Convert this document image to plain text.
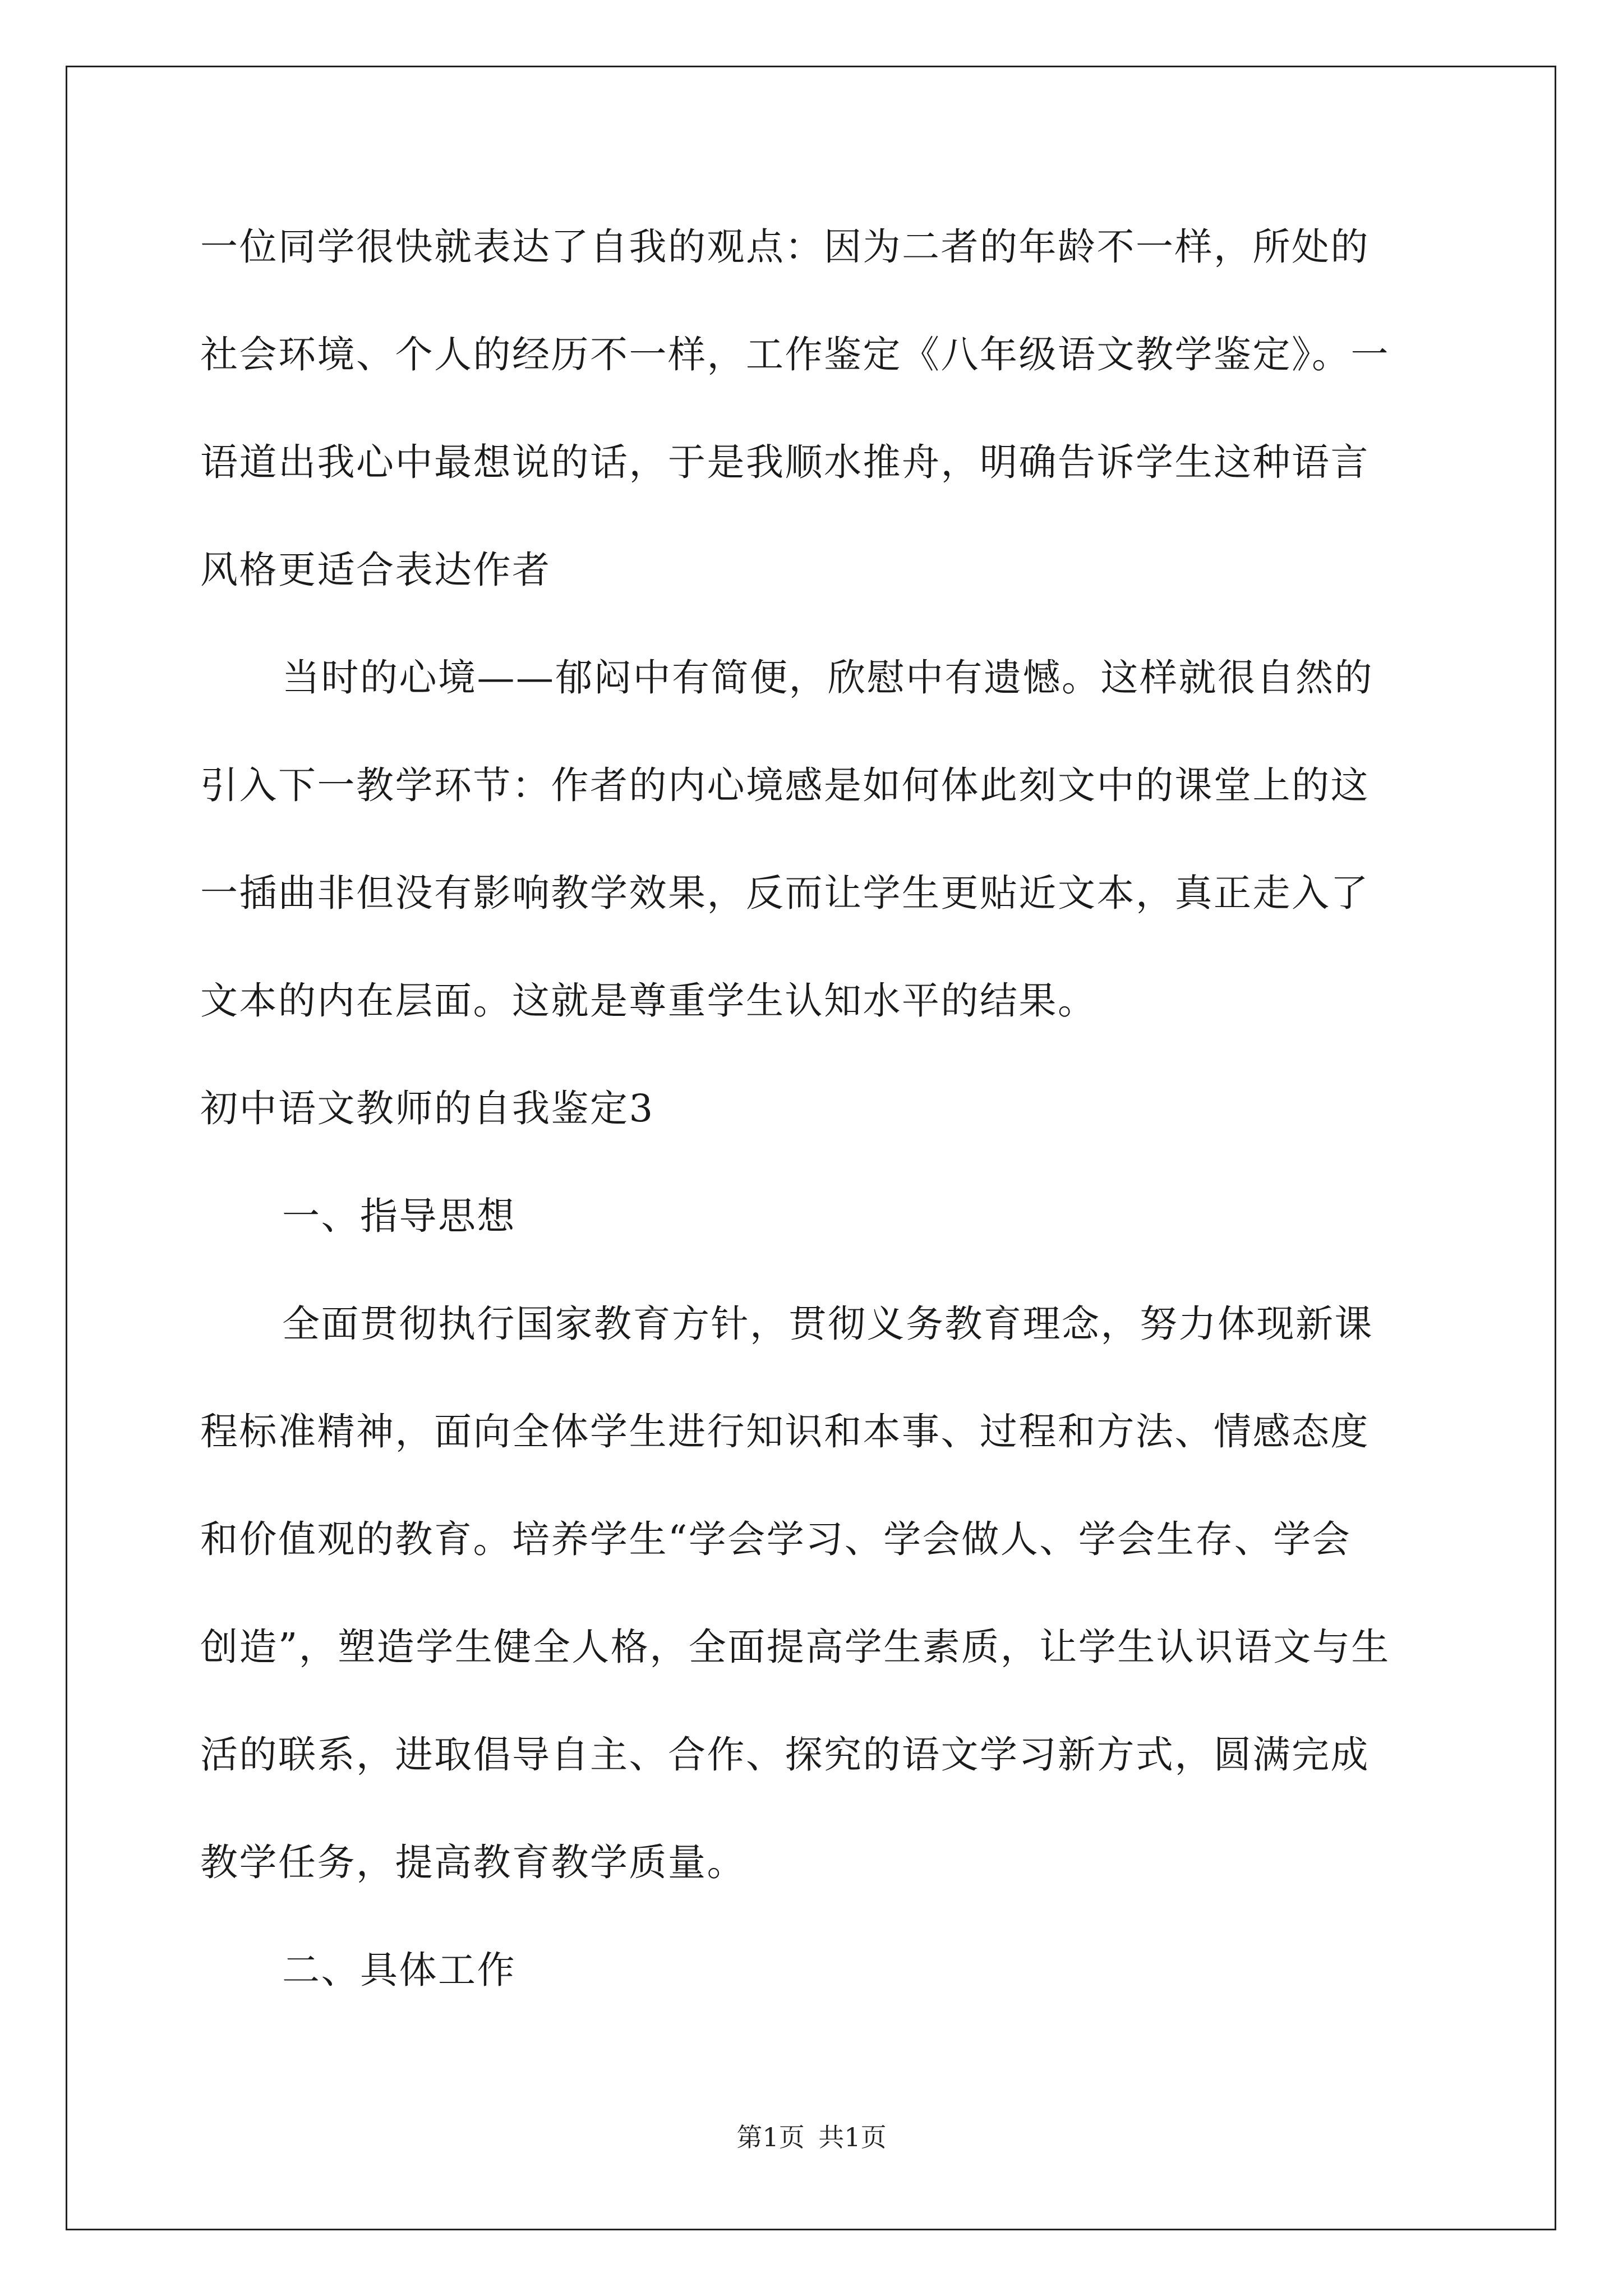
一位同学很快就表达了自我的观点：因为二者的年龄不一样，所处的
社会环境、个人的经历不一样，工作鉴定《八年级语文教学鉴定》。一
语道出我心中最想说的话，于是我顺水推舟，明确告诉学生这种语言
风格更适合表达作者
当时的心境——郁闷中有简便，欣慰中有遗憾。这样就很自然的
引入下一教学环节：作者的内心境感是如何体此刻文中的课堂上的这
一插曲非但没有影响教学效果，反而让学生更贴近文本，真正走入了
文本的内在层面。这就是尊重学生认知水平的结果。
初中语文教师的自我鉴定3
一、指导思想
全面贯彻执行国家教育方针，贯彻义务教育理念，努力体现新课
程标准精神，面向全体学生进行知识和本事、过程和方法、情感态度
和价值观的教育。培养学生“学会学习、学会做人、学会生存、学会
创造”，塑造学生健全人格，全面提高学生素质，让学生认识语文与生
活的联系，进取倡导自主、合作、探究的语文学习新方式，圆满完成
教学任务，提高教育教学质量。
二、具体工作
第1页 共1页
